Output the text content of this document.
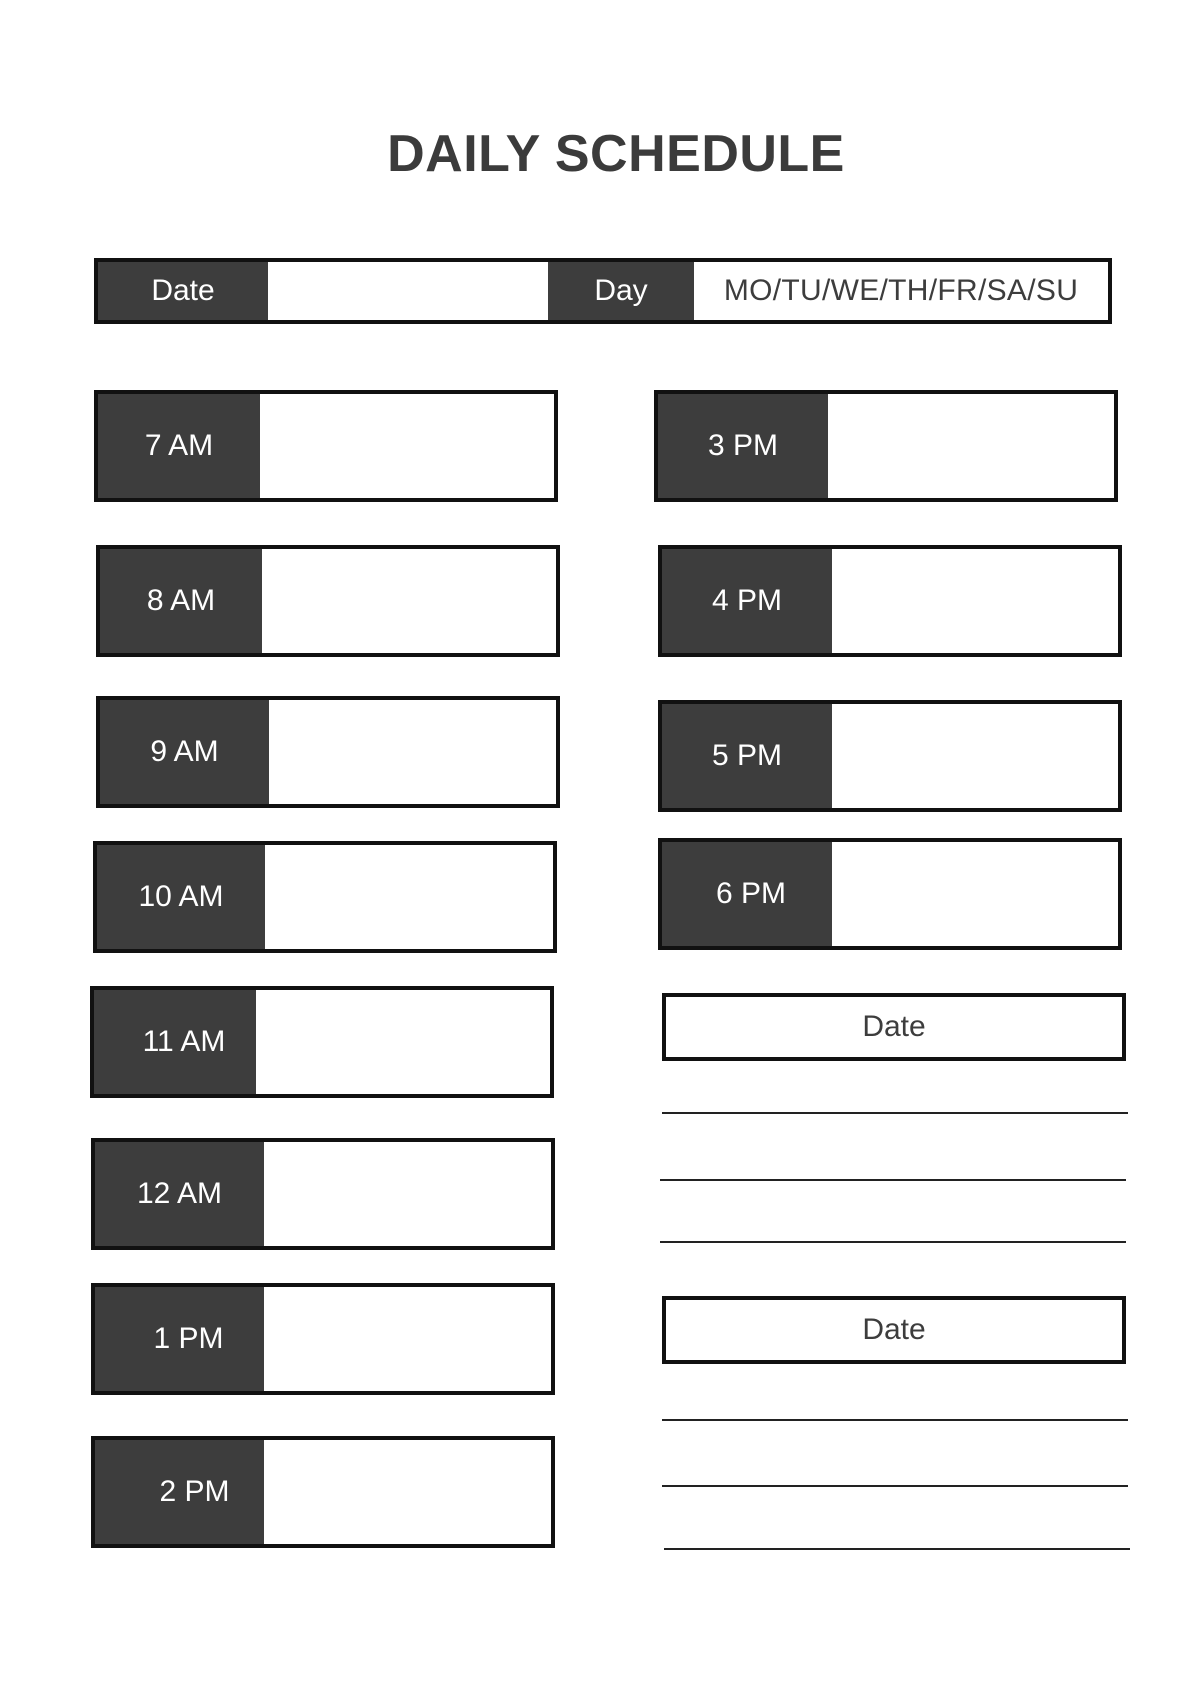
DAILY SCHEDULE
Date	Day	MO/TU/WE/TH/FR/SA/SU
7 AM
8 AM
9 AM
10 AM
11 AM
12 AM
1 PM
2 PM
3 PM
4 PM
5 PM
6 PM
Date
Date
